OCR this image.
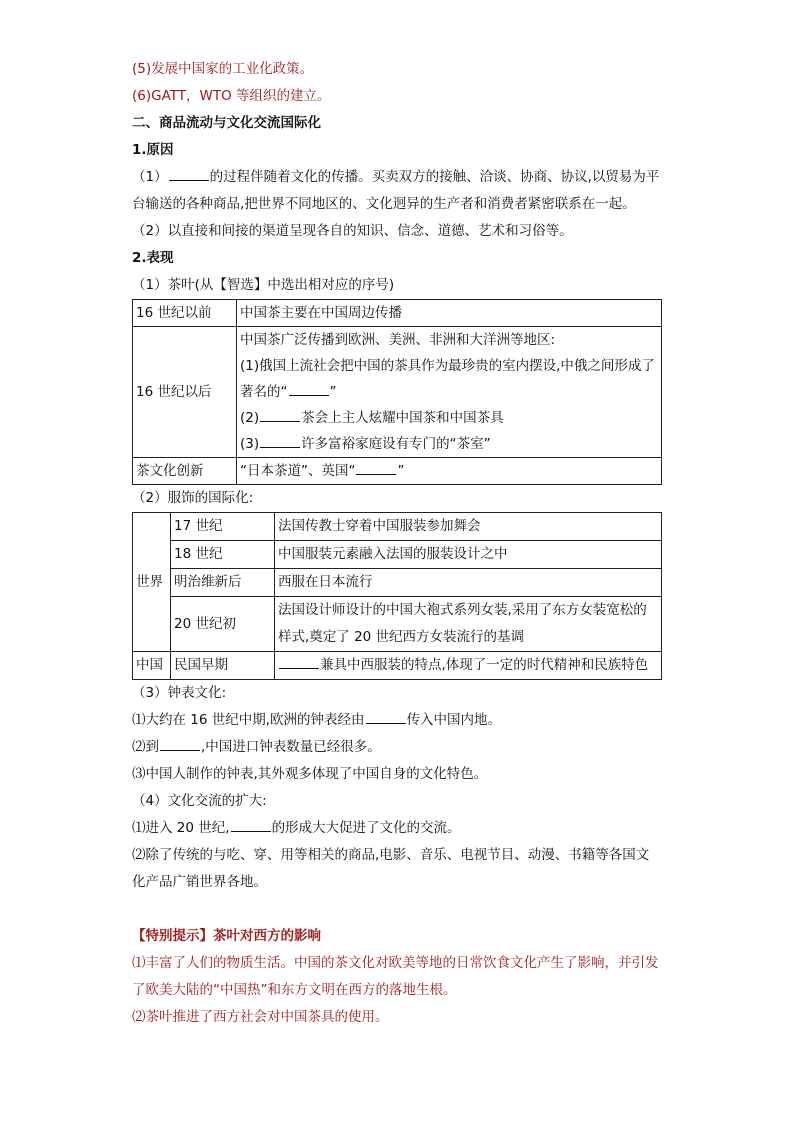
(5)发展中国家的工业化政策。
(6)GATT，WTO 等组织的建立。
二、商品流动与文化交流国际化
1.原因
（1）	的过程伴随着文化的传播。买卖双方的接触、洽谈、协商、协议,以贸易为平台输送的各种商品,把世界不同地区的、文化迥异的生产者和消费者紧密联系在一起。
（2）以直接和间接的渠道呈现各自的知识、信念、道德、艺术和习俗等。
2.表现
（1）茶叶(从【智选】中选出相对应的序号)
16 世纪以前	中国茶主要在中国周边传播
16 世纪以后	中国茶广泛传播到欧洲、美洲、非洲和大洋洲等地区:
(1)俄国上流社会把中国的茶具作为最珍贵的室内摆设,中俄之间形成了著名的“ ”
(2) 茶会上主人炫耀中国茶和中国茶具
(3) 许多富裕家庭设有专门的“茶室”

茶文化创新	“日本茶道”、英国“ ”
（2）服饰的国际化:
世界	17 世纪	法国传教士穿着中国服装参加舞会
	18 世纪	中国服装元素融入法国的服装设计之中
	明治维新后	西服在日本流行
	20 世纪初	法国设计师设计的中国大袍式系列女装,采用了东方女装宽松的样式,奠定了 20 世纪西方女装流行的基调
中国	民国早期	兼具中西服装的特点,体现了一定的时代精神和民族特色
（3）钟表文化:
⑴大约在 16 世纪中期,欧洲的钟表经由	传入中国内地。
⑵到	,中国进口钟表数量已经很多。
⑶中国人制作的钟表,其外观多体现了中国自身的文化特色。
（4）文化交流的扩大:
⑴进入 20 世纪,	的形成大大促进了文化的交流。
⑵除了传统的与吃、穿、用等相关的商品,电影、音乐、电视节目、动漫、书籍等各国文化产品广销世界各地。
【特别提示】茶叶对西方的影响
⑴丰富了人们的物质生活。中国的茶文化对欧美等地的日常饮食文化产生了影响，并引发了欧美大陆的“中国热”和东方文明在西方的落地生根。
⑵茶叶推进了西方社会对中国茶具的使用。
